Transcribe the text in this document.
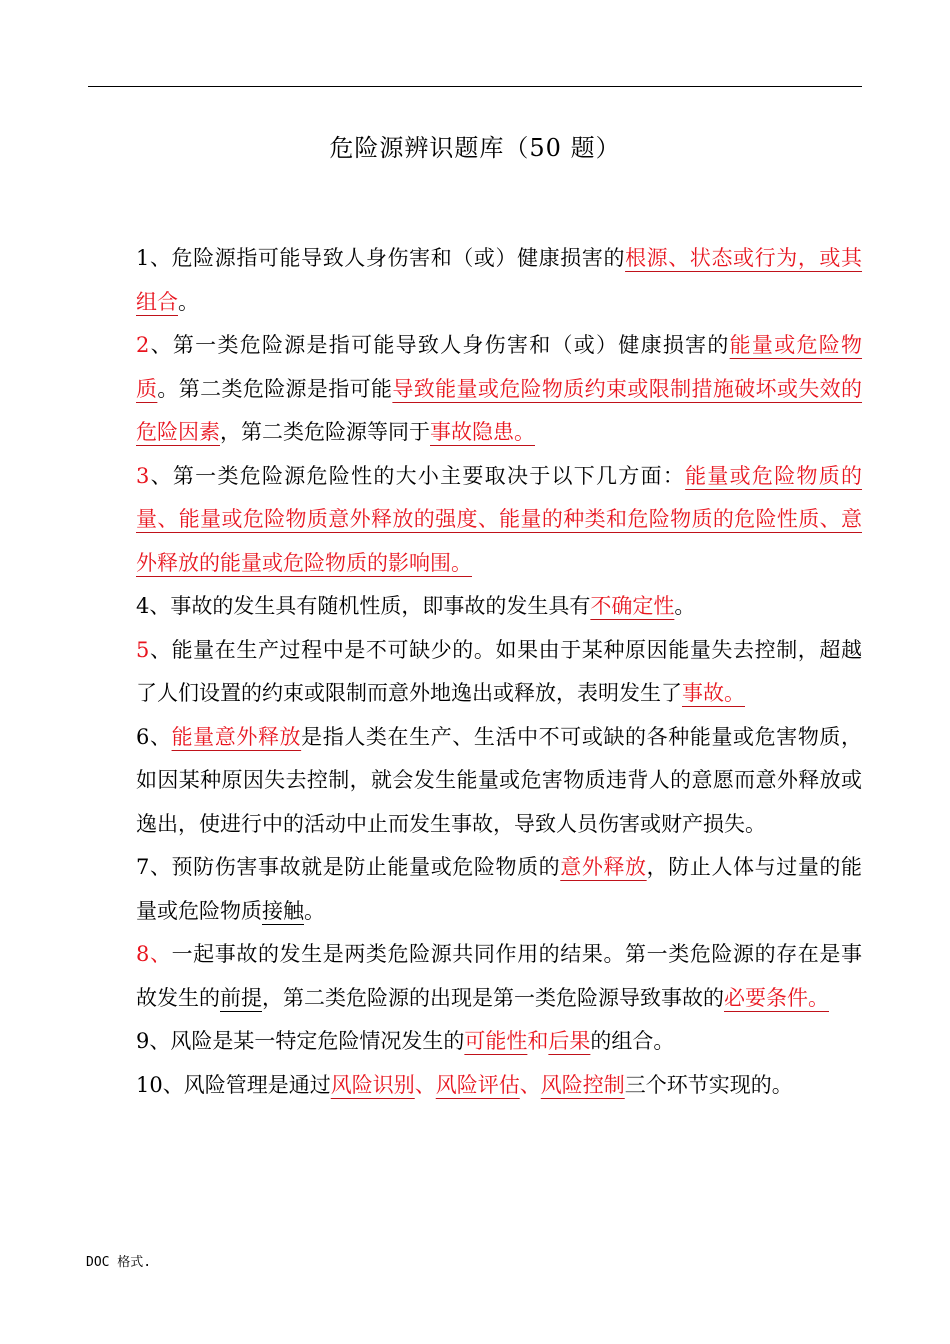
危险源辨识题库（50 题）

1、危险源指可能导致人身伤害和（或）健康损害的根源、状态或行为，或其组合。

2、第一类危险源是指可能导致人身伤害和（或）健康损害的能量或危险物质。第二类危险源是指可能导致能量或危险物质约束或限制措施破坏或失效的危险因素，第二类危险源等同于事故隐患。

3、第一类危险源危险性的大小主要取决于以下几方面：能量或危险物质的量、能量或危险物质意外释放的强度、能量的种类和危险物质的危险性质、意外释放的能量或危险物质的影响围。

4、事故的发生具有随机性质，即事故的发生具有不确定性。

5、能量在生产过程中是不可缺少的。如果由于某种原因能量失去控制，超越了人们设置的约束或限制而意外地逸出或释放，表明发生了事故。

6、能量意外释放是指人类在生产、生活中不可或缺的各种能量或危害物质，如因某种原因失去控制，就会发生能量或危害物质违背人的意愿而意外释放或逸出，使进行中的活动中止而发生事故，导致人员伤害或财产损失。

7、预防伤害事故就是防止能量或危险物质的意外释放，防止人体与过量的能量或危险物质接触。

8、一起事故的发生是两类危险源共同作用的结果。第一类危险源的存在是事故发生的前提，第二类危险源的出现是第一类危险源导致事故的必要条件。

9、风险是某一特定危险情况发生的可能性和后果的组合。

10、风险管理是通过风险识别、风险评估、风险控制三个环节实现的。

DOC 格式.
